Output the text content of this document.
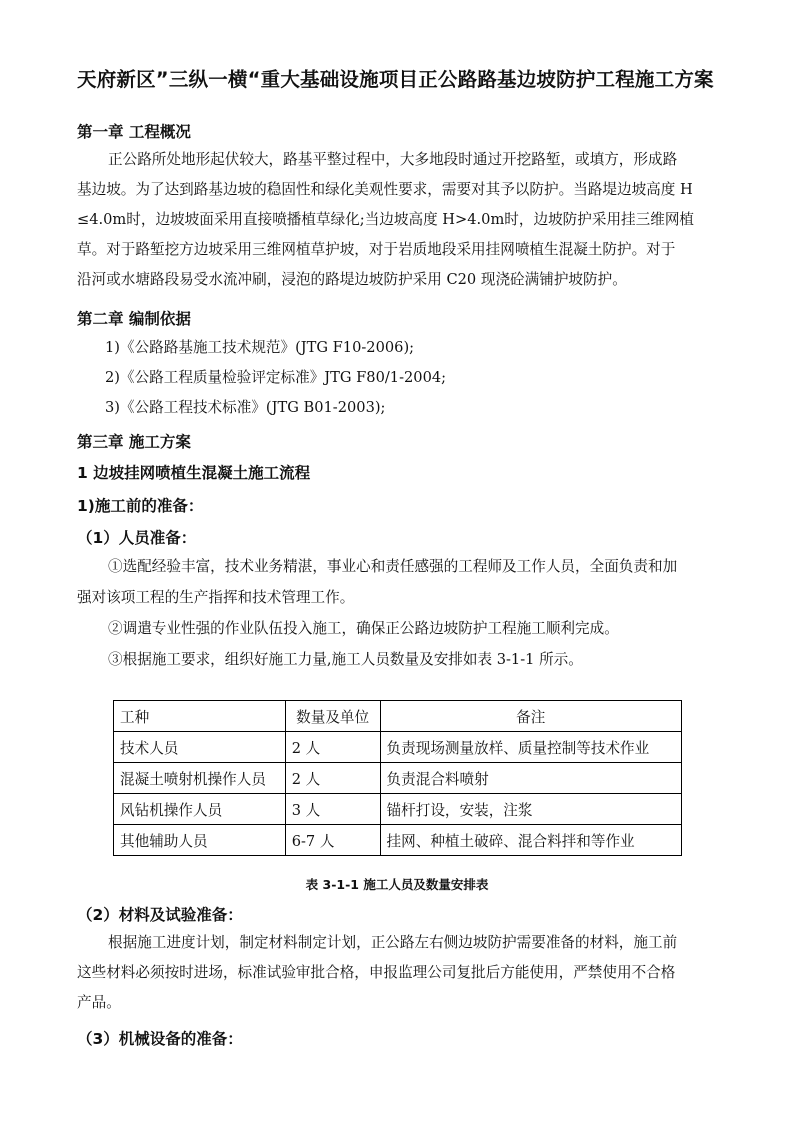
天府新区”三纵一横“重大基础设施项目正公路路基边坡防护工程施工方案
第一章 工程概况
正公路所处地形起伏较大，路基平整过程中，大多地段时通过开挖路堑，或填方，形成路
基边坡。为了达到路基边坡的稳固性和绿化美观性要求，需要对其予以防护。当路堤边坡高度 H
≤4.0m时，边坡坡面采用直接喷播植草绿化;当边坡高度 H>4.0m时，边坡防护采用挂三维网植
草。对于路堑挖方边坡采用三维网植草护坡，对于岩质地段采用挂网喷植生混凝土防护。对于
沿河或水塘路段易受水流冲刷，浸泡的路堤边坡防护采用 C20 现浇砼满铺护坡防护。
第二章 编制依据
1)《公路路基施工技术规范》(JTG F10-2006);
2)《公路工程质量检验评定标准》JTG F80/1-2004;
3)《公路工程技术标准》(JTG B01-2003);
第三章 施工方案
1 边坡挂网喷植生混凝土施工流程
1)施工前的准备：
（1）人员准备：
①选配经验丰富，技术业务精湛，事业心和责任感强的工程师及工作人员，全面负责和加
强对该项工程的生产指挥和技术管理工作。
②调遣专业性强的作业队伍投入施工，确保正公路边坡防护工程施工顺利完成。
③根据施工要求，组织好施工力量,施工人员数量及安排如表 3-1-1 所示。
工种	数量及单位	备注
技术人员	2 人	负责现场测量放样、质量控制等技术作业
混凝土喷射机操作人员	2 人	负责混合料喷射
风钻机操作人员	3 人	锚杆打设，安装，注浆
其他辅助人员	6-7 人	挂网、种植土破碎、混合料拌和等作业
表 3-1-1 施工人员及数量安排表
（2）材料及试验准备：
根据施工进度计划，制定材料制定计划，正公路左右侧边坡防护需要准备的材料，施工前
这些材料必须按时进场，标准试验审批合格，申报监理公司复批后方能使用，严禁使用不合格
产品。
（3）机械设备的准备：
